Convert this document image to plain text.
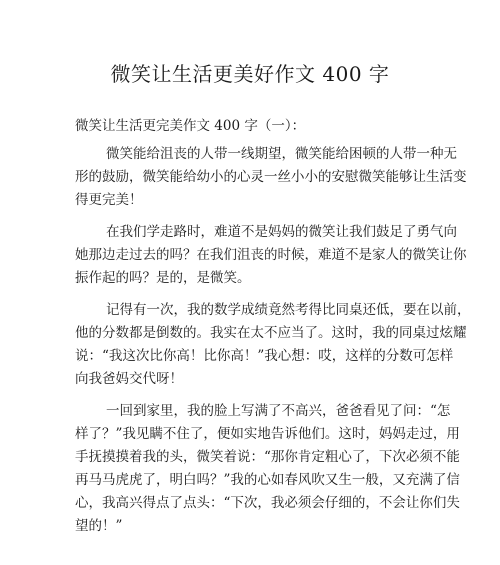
微笑让生活更美好作文 400 字

微笑让生活更完美作文 400 字（一）：

微笑能给沮丧的人带一线期望，微笑能给困顿的人带一种无

形的鼓励，微笑能给幼小的心灵一丝小小的安慰微笑能够让生活变

得更完美！

在我们学走路时，难道不是妈妈的微笑让我们鼓足了勇气向

她那边走过去的吗？在我们沮丧的时候，难道不是家人的微笑让你

振作起的吗？是的，是微笑。

记得有一次，我的数学成绩竟然考得比同桌还低，要在以前，

他的分数都是倒数的。我实在太不应当了。这时，我的同桌过炫耀

说：“我这次比你高！比你高！”我心想：哎，这样的分数可怎样

向我爸妈交代呀！

一回到家里，我的脸上写满了不高兴，爸爸看见了问：“怎

样了？”我见瞒不住了，便如实地告诉他们。这时，妈妈走过，用

手抚摸摸着我的头，微笑着说：“那你肯定粗心了，下次必须不能

再马马虎虎了，明白吗？”我的心如春风吹又生一般，又充满了信

心，我高兴得点了点头：“下次，我必须会仔细的，不会让你们失

望的！”
